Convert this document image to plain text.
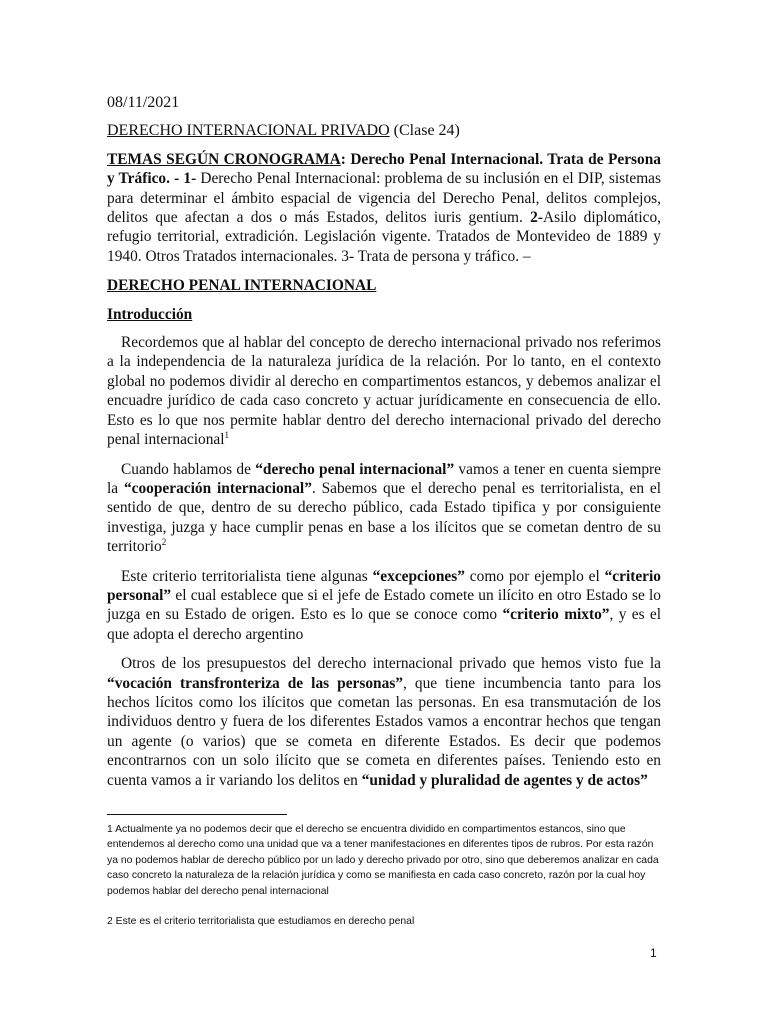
08/11/2021

DERECHO INTERNACIONAL PRIVADO (Clase 24)

TEMAS SEGÚN CRONOGRAMA: Derecho Penal Internacional. Trata de Persona y Tráfico. - 1- Derecho Penal Internacional: problema de su inclusión en el DIP, sistemas para determinar el ámbito espacial de vigencia del Derecho Penal, delitos complejos, delitos que afectan a dos o más Estados, delitos iuris gentium. 2-Asilo diplomático, refugio territorial, extradición. Legislación vigente. Tratados de Montevideo de 1889 y 1940. Otros Tratados internacionales. 3- Trata de persona y tráfico. –

DERECHO PENAL INTERNACIONAL

Introducción

Recordemos que al hablar del concepto de derecho internacional privado nos referimos a la independencia de la naturaleza jurídica de la relación. Por lo tanto, en el contexto global no podemos dividir al derecho en compartimentos estancos, y debemos analizar el encuadre jurídico de cada caso concreto y actuar jurídicamente en consecuencia de ello. Esto es lo que nos permite hablar dentro del derecho internacional privado del derecho penal internacional$^1$

Cuando hablamos de “derecho penal internacional” vamos a tener en cuenta siempre la “cooperación internacional”. Sabemos que el derecho penal es territorialista, en el sentido de que, dentro de su derecho público, cada Estado tipifica y por consiguiente investiga, juzga y hace cumplir penas en base a los ilícitos que se cometan dentro de su territorio$^2$

Este criterio territorialista tiene algunas “excepciones” como por ejemplo el “criterio personal” el cual establece que si el jefe de Estado comete un ilícito en otro Estado se lo juzga en su Estado de origen. Esto es lo que se conoce como “criterio mixto”, y es el que adopta el derecho argentino

Otros de los presupuestos del derecho internacional privado que hemos visto fue la “vocación transfronteriza de las personas”, que tiene incumbencia tanto para los hechos lícitos como los ilícitos que cometan las personas. En esa transmutación de los individuos dentro y fuera de los diferentes Estados vamos a encontrar hechos que tengan un agente (o varios) que se cometa en diferente Estados. Es decir que podemos encontrarnos con un solo ilícito que se cometa en diferentes países. Teniendo esto en cuenta vamos a ir variando los delitos en “unidad y pluralidad de agentes y de actos”

1 Actualmente ya no podemos decir que el derecho se encuentra dividido en compartimentos estancos, sino que entendemos al derecho como una unidad que va a tener manifestaciones en diferentes tipos de rubros. Por esta razón ya no podemos hablar de derecho público por un lado y derecho privado por otro, sino que deberemos analizar en cada caso concreto la naturaleza de la relación jurídica y como se manifiesta en cada caso concreto, razón por la cual hoy podemos hablar del derecho penal internacional

2 Este es el criterio territorialista que estudiamos en derecho penal

1
